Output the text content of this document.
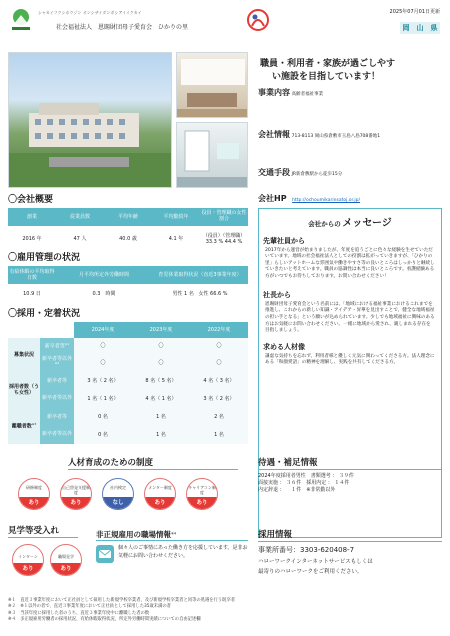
シャカイフクシホウジン オンシザイダンボシアイイクカイ
社会福祉法人　恩賜財団母子愛育会 ひかりの里
2025年07月01日更新
岡　山　県
職員・利用者・家族が過ごしやす
い施設を目指しています！
事業内容 高齢者福祉事業
会社情報 713-8113 岡山県倉敷市玉島八島708番地1
交通手段 JR新倉敷駅から徒歩15分
〇会社概要
創業	従業員数	平均年齢	平均勤続年	役員・管理職の女性割合
2016 年	47 人	40.0 歳	4.1 年	（役員）（管理職）
33.3 % 44.4 %
〇雇用管理の状況
有給休暇の平均取得日数	月平均所定外労働時間	育児休業取得状況（直近3事業年度）
10.9 日	0.3　 時間	男性 1 名 女性 66.6 %
〇採用・定着状況
		2024年度	2023年度	2022年度
募集状況	新卒者等$^{※1}$	〇	〇	〇
	新卒者等以外$^{※2}$	〇	〇	〇
採用者数（うち女性）	新卒者等	3 名（ 2 名）	8 名（ 5 名）	4 名（ 3 名）
	新卒者等以外	1 名（ 1 名）	4 名（ 1 名）	3 名（ 2 名）
離職者数$^{※3}$	新卒者等	0 名	1 名	2 名
	新卒者等以外	0 名	1 名	1 名
会社HP http://ochoumikarinsatoj.or.jp/
会社からの メッセージ
先輩社員から
2017年から運営が始まりましたが、年度を追うごとに色々な経験を生せていただいています。地域の社会福祉法人としての役割は拡がっていきますが、「ひかりの里」らしいアットホームな雰囲気や働きやすさ等の良いところはしっかりと継続していきたいと考えています。職員の協調性は本当に良いところです。看護経験ある方がいつでもお待ちしております。お問い合わせください！
社長から
恩賜財団母子愛育会という名前には、「地域における福祉事業におけるこれまでを推進し、これからの新しい知識・アイデア・昇華を見出すことで、健全な地域福祉の担い手となる」という願いが込められています。少しでも地域福祉に興味のある方はお気軽にお問い合わせください。一緒に地域から愛され、親しまれる存在を目指しましょう。
求める人材像
謙虚な気持ちを忘れず、利用者様と優しく元気に関わってくださる方。法人理念にある「和顔愛語」の精神を理解し、実践を共有してくださる方。
人材育成のための制度
研修制度
あり
自己啓発支援制度
あり
社内検定
なし
メンター制度
あり
キャリアコン制度
あり
待遇・補足情報
2024年度採用者男性　 書類選考 ： ３９件
面接実施 ： ３６件　 採用内定 ： １４件
内定辞退 ： 　１件　 ※非常勤以外
見学等受入れ
インターン
あり
職場見学
あり
非正規雇用の職場情報$^{※4}$
個々人のご事情にあった働き方を応援しています。是非お気軽にお問い合わせください。
採用情報
事業所番号：3303-620408-7
ハローワークインターネットサービスもしくは
最寄りのハローワークをご利用ください。
※１　直近３事業年度において正社員として採用した新規学校卒業者、及び新規学校卒業者と同等の処遇を行う既卒者
※２　※１以外の者で、直近３事業年度において正社員として採用した35歳未満の者
※３　当該年度に採用した者のうち、直近３事業年度中に離職した者の数
※４　多正規雇用労働者の採用状況、有給休暇取得状況、所定外労働時間実績についての自由記述欄
